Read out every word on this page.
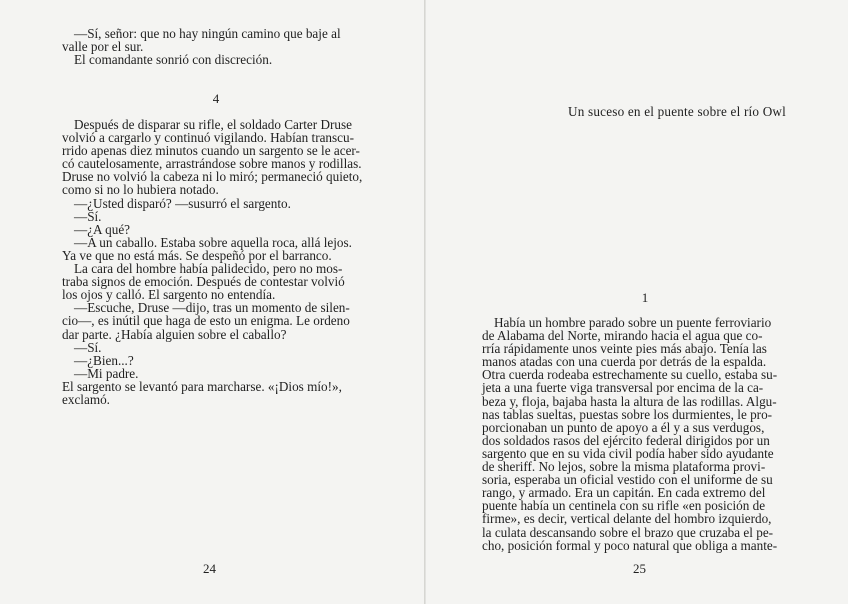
—Sí, señor: que no hay ningún camino que baje al

valle por el sur.

El comandante sonrió con discreción.

4

Después de disparar su rifle, el soldado Carter Druse

volvió a cargarlo y continuó vigilando. Habían transcu-

rrido apenas diez minutos cuando un sargento se le acer-

có cautelosamente, arrastrándose sobre manos y rodillas.

Druse no volvió la cabeza ni lo miró; permaneció quieto,

como si no lo hubiera notado.

—¿Usted disparó? —susurró el sargento.

—Sí.

—¿A qué?

—A un caballo. Estaba sobre aquella roca, allá lejos.

Ya ve que no está más. Se despeñó por el barranco.

La cara del hombre había palidecido, pero no mos-

traba signos de emoción. Después de contestar volvió

los ojos y calló. El sargento no entendía.

—Escuche, Druse —dijo, tras un momento de silen-

cio—, es inútil que haga de esto un enigma. Le ordeno

dar parte. ¿Había alguien sobre el caballo?

—Sí.

—¿Bien...?

—Mi padre.

El sargento se levantó para marcharse. «¡Dios mío!»,

exclamó.

24
Un suceso en el puente sobre el río Owl
1

Había un hombre parado sobre un puente ferroviario

de Alabama del Norte, mirando hacia el agua que co-

rría rápidamente unos veinte pies más abajo. Tenía las

manos atadas con una cuerda por detrás de la espalda.

Otra cuerda rodeaba estrechamente su cuello, estaba su-

jeta a una fuerte viga transversal por encima de la ca-

beza y, floja, bajaba hasta la altura de las rodillas. Algu-

nas tablas sueltas, puestas sobre los durmientes, le pro-

porcionaban un punto de apoyo a él y a sus verdugos,

dos soldados rasos del ejército federal dirigidos por un

sargento que en su vida civil podía haber sido ayudante

de sheriff. No lejos, sobre la misma plataforma provi-

soria, esperaba un oficial vestido con el uniforme de su

rango, y armado. Era un capitán. En cada extremo del

puente había un centinela con su rifle «en posición de

firme», es decir, vertical delante del hombro izquierdo,

la culata descansando sobre el brazo que cruzaba el pe-

cho, posición formal y poco natural que obliga a mante-

25
